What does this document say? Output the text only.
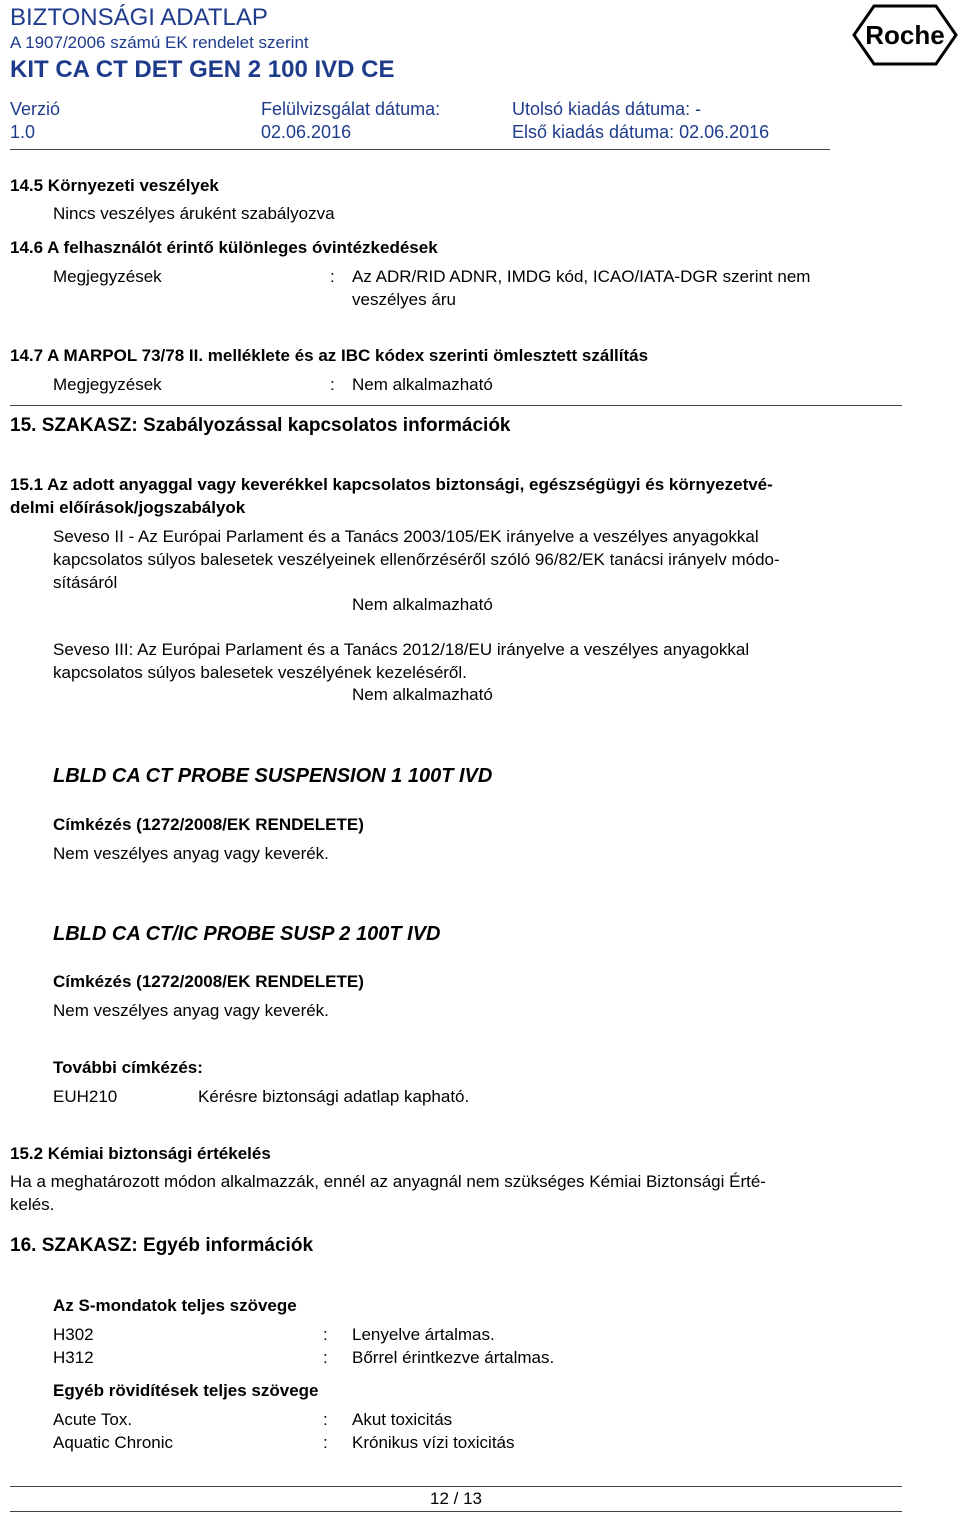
BIZTONSÁGI ADATLAP
A 1907/2006 számú EK rendelet szerint
KIT CA CT DET GEN 2 100 IVD CE
Verzió
1.0
Felülvizsgálat dátuma:
02.06.2016
Utolsó kiadás dátuma: -
Első kiadás dátuma: 02.06.2016
Roche
14.5 Környezeti veszélyek
Nincs veszélyes áruként szabályozva
14.6 A felhasználót érintő különleges óvintézkedések
Megjegyzések	: Az ADR/RID ADNR, IMDG kód, ICAO/IATA-DGR szerint nem
veszélyes áru
14.7 A MARPOL 73/78 II. melléklete és az IBC kódex szerinti ömlesztett szállítás
Megjegyzések	: Nem alkalmazható
15. SZAKASZ: Szabályozással kapcsolatos információk
15.1 Az adott anyaggal vagy keverékkel kapcsolatos biztonsági, egészségügyi és környezetvé-
delmi előírások/jogszabályok
Seveso II - Az Európai Parlament és a Tanács 2003/105/EK irányelve a veszélyes anyagokkal
kapcsolatos súlyos balesetek veszélyeinek ellenőrzéséről szóló 96/82/EK tanácsi irányelv módo-
sításáról
Nem alkalmazható
Seveso III: Az Európai Parlament és a Tanács 2012/18/EU irányelve a veszélyes anyagokkal
kapcsolatos súlyos balesetek veszélyének kezeléséről.
Nem alkalmazható
LBLD CA CT PROBE SUSPENSION 1 100T IVD
Címkézés (1272/2008/EK RENDELETE)
Nem veszélyes anyag vagy keverék.
LBLD CA CT/IC PROBE SUSP 2 100T IVD
Címkézés (1272/2008/EK RENDELETE)
Nem veszélyes anyag vagy keverék.
További címkézés:
EUH210	Kérésre biztonsági adatlap kapható.
15.2 Kémiai biztonsági értékelés
Ha a meghatározott módon alkalmazzák, ennél az anyagnál nem szükséges Kémiai Biztonsági Érté-
kelés.
16. SZAKASZ: Egyéb információk
Az S-mondatok teljes szövege
H302	: Lenyelve ártalmas.
H312	: Bőrrel érintkezve ártalmas.
Egyéb rövidítések teljes szövege
Acute Tox.	: Akut toxicitás
Aquatic Chronic	: Krónikus vízi toxicitás
12 / 13
